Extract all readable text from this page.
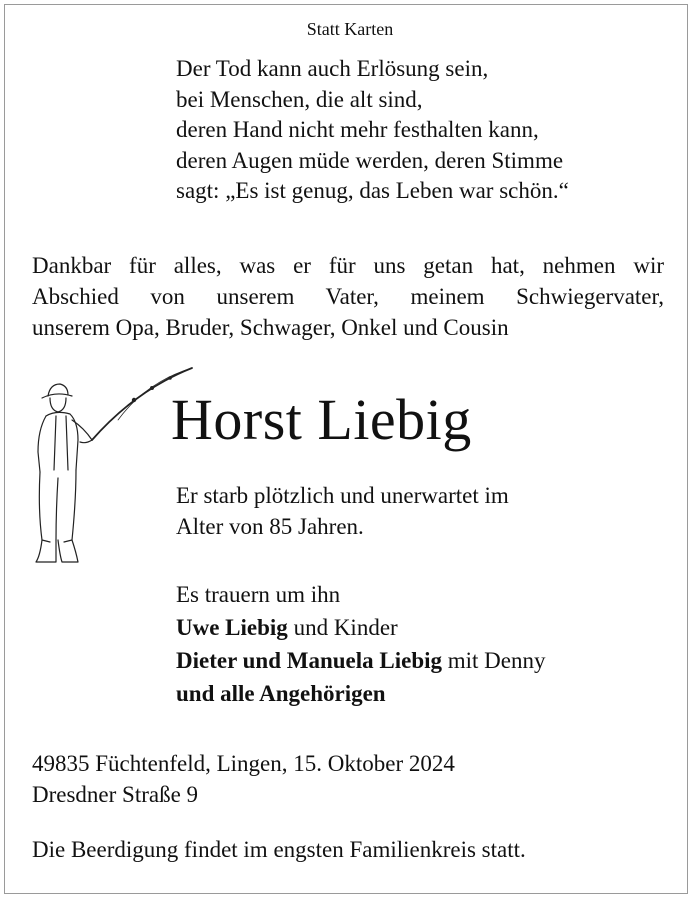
Statt Karten
Der Tod kann auch Erlösung sein,
bei Menschen, die alt sind,
deren Hand nicht mehr festhalten kann,
deren Augen müde werden, deren Stimme
sagt: „Es ist genug, das Leben war schön.“
Dankbar für alles, was er für uns getan hat, nehmen wir
Abschied von unserem Vater, meinem Schwiegervater,
unserem Opa, Bruder, Schwager, Onkel und Cousin
Horst Liebig
Er starb plötzlich und unerwartet im
Alter von 85 Jahren.
Es trauern um ihn
Uwe Liebig und Kinder
Dieter und Manuela Liebig mit Denny
und alle Angehörigen
49835 Füchtenfeld, Lingen, 15. Oktober 2024
Dresdner Straße 9
Die Beerdigung findet im engsten Familienkreis statt.
